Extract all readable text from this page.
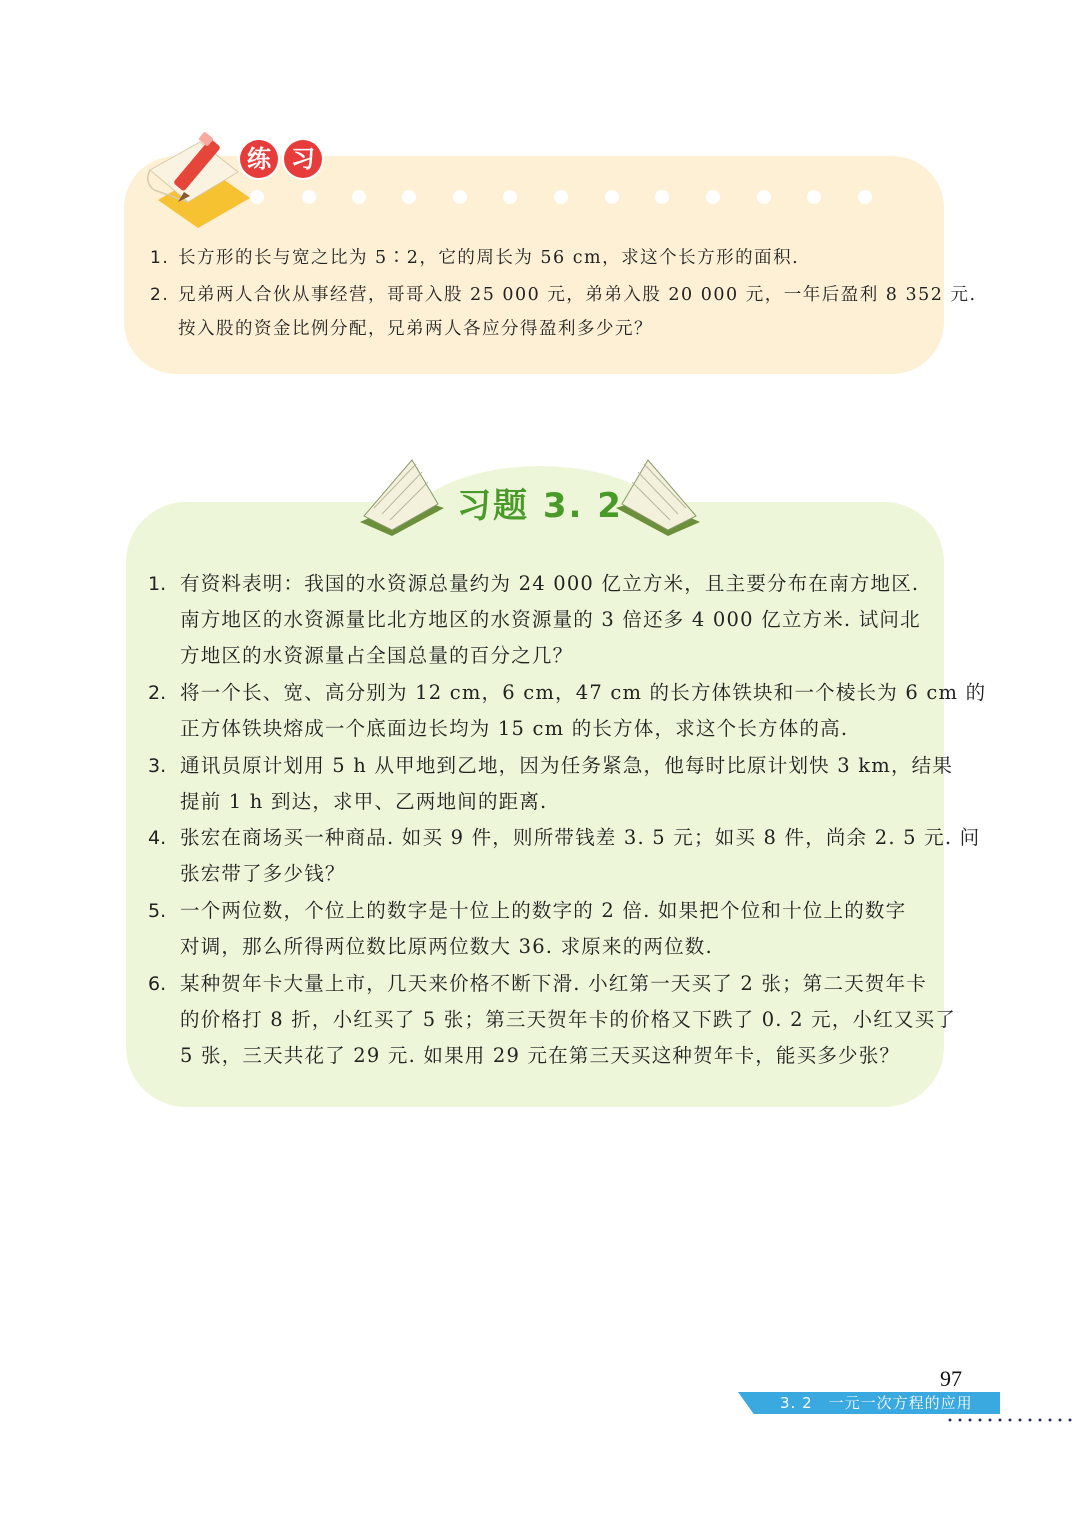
练 习
1. 长方形的长与宽之比为 5∶2，它的周长为 56 cm，求这个长方形的面积.
2. 兄弟两人合伙从事经营，哥哥入股 25 000 元，弟弟入股 20 000 元，一年后盈利 8 352 元.
按入股的资金比例分配，兄弟两人各应分得盈利多少元？
习题 3. 2
1. 有资料表明：我国的水资源总量约为 24 000 亿立方米，且主要分布在南方地区.
南方地区的水资源量比北方地区的水资源量的 3 倍还多 4 000 亿立方米. 试问北
方地区的水资源量占全国总量的百分之几？
2. 将一个长、宽、高分别为 12 cm，6 cm，47 cm 的长方体铁块和一个棱长为 6 cm 的
正方体铁块熔成一个底面边长均为 15 cm 的长方体，求这个长方体的高.
3. 通讯员原计划用 5 h 从甲地到乙地，因为任务紧急，他每时比原计划快 3 km，结果
提前 1 h 到达，求甲、乙两地间的距离.
4. 张宏在商场买一种商品. 如买 9 件，则所带钱差 3. 5 元；如买 8 件，尚余 2. 5 元. 问
张宏带了多少钱？
5. 一个两位数，个位上的数字是十位上的数字的 2 倍. 如果把个位和十位上的数字
对调，那么所得两位数比原两位数大 36. 求原来的两位数.
6. 某种贺年卡大量上市，几天来价格不断下滑. 小红第一天买了 2 张；第二天贺年卡
的价格打 8 折，小红买了 5 张；第三天贺年卡的价格又下跌了 0. 2 元，小红又买了
5 张，三天共花了 29 元. 如果用 29 元在第三天买这种贺年卡，能买多少张？
97
3. 2　一元一次方程的应用
